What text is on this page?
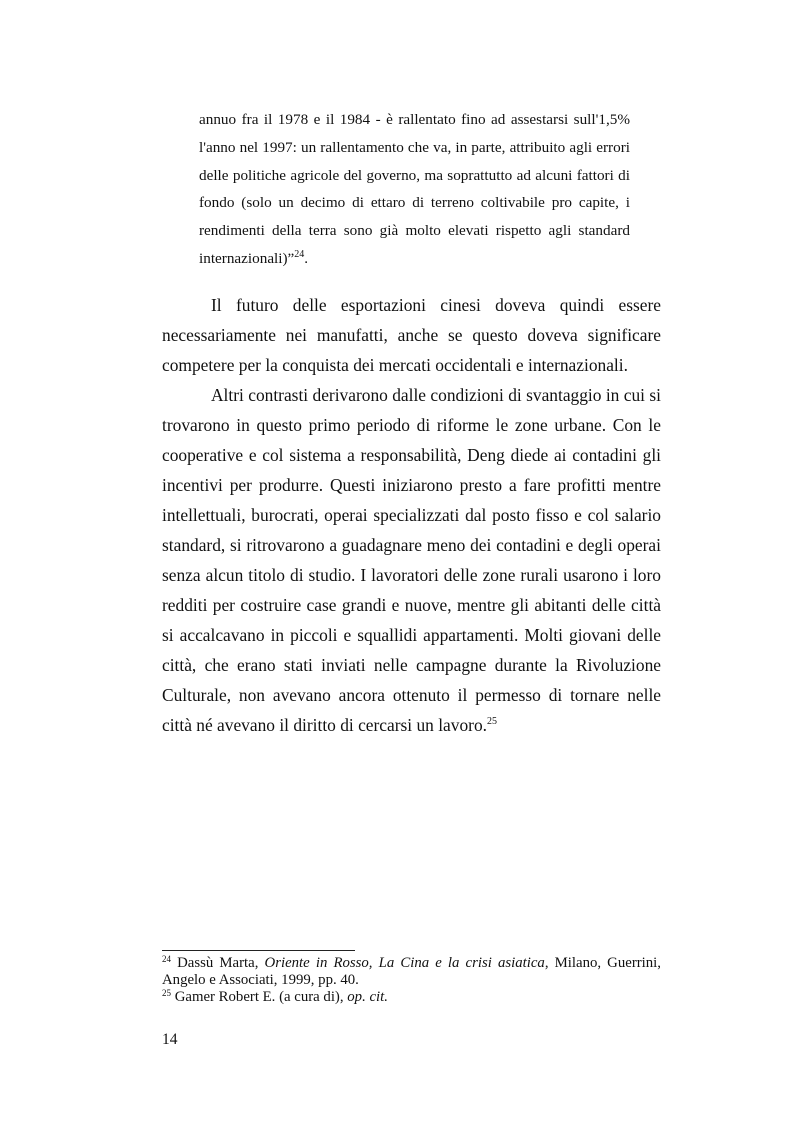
annuo fra il 1978 e il 1984 - è rallentato fino ad assestarsi sull'1,5% l'anno nel 1997: un rallentamento che va, in parte, attribuito agli errori delle politiche agricole del governo, ma soprattutto ad alcuni fattori di fondo (solo un decimo di ettaro di terreno coltivabile pro capite, i rendimenti della terra sono già molto elevati rispetto agli standard internazionali)”$^{24}$.

Il futuro delle esportazioni cinesi doveva quindi essere necessariamente nei manufatti, anche se questo doveva significare competere per la conquista dei mercati occidentali e internazionali.

Altri contrasti derivarono dalle condizioni di svantaggio in cui si trovarono in questo primo periodo di riforme le zone urbane. Con le cooperative e col sistema a responsabilità, Deng diede ai contadini gli incentivi per produrre. Questi iniziarono presto a fare profitti mentre intellettuali, burocrati, operai specializzati dal posto fisso e col salario standard, si ritrovarono a guadagnare meno dei contadini e degli operai senza alcun titolo di studio. I lavoratori delle zone rurali usarono i loro redditi per costruire case grandi e nuove, mentre gli abitanti delle città si accalcavano in piccoli e squallidi appartamenti. Molti giovani delle città, che erano stati inviati nelle campagne durante la Rivoluzione Culturale, non avevano ancora ottenuto il permesso di tornare nelle città né avevano il diritto di cercarsi un lavoro.$^{25}$

$^{24}$ Dassù Marta, Oriente in Rosso, La Cina e la crisi asiatica, Milano, Guerrini, Angelo e Associati, 1999, pp. 40.

$^{25}$ Gamer Robert E. (a cura di), op. cit.

14
